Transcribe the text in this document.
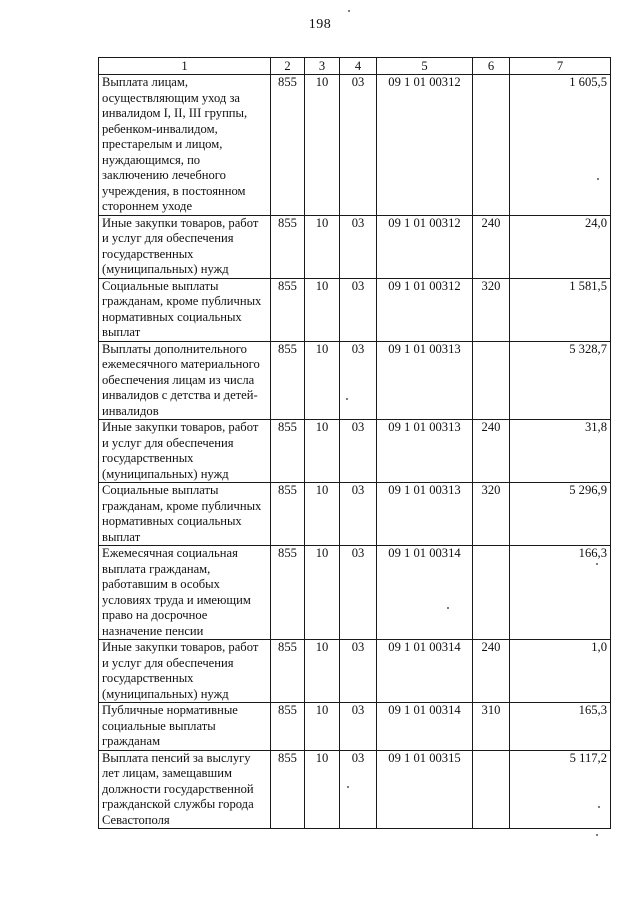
198
1	2	3	4	5	6	7
Выплата лицам, осуществляющим уход за инвалидом I, II, III группы, ребенком-инвалидом, престарелым и лицом, нуждающимся, по заключению лечебного учреждения, в постоянном стороннем уходе	855	10	03	09 1 01 00312		1 605,5
Иные закупки товаров, работ и услуг для обеспечения государственных (муниципальных) нужд	855	10	03	09 1 01 00312	240	24,0
Социальные выплаты гражданам, кроме публичных нормативных социальных выплат	855	10	03	09 1 01 00312	320	1 581,5
Выплаты дополнительного ежемесячного материального обеспечения лицам из числа инвалидов с детства и детей-инвалидов	855	10	03	09 1 01 00313		5 328,7
Иные закупки товаров, работ и услуг для обеспечения государственных (муниципальных) нужд	855	10	03	09 1 01 00313	240	31,8
Социальные выплаты гражданам, кроме публичных нормативных социальных выплат	855	10	03	09 1 01 00313	320	5 296,9
Ежемесячная социальная выплата гражданам, работавшим в особых условиях труда и имеющим право на досрочное назначение пенсии	855	10	03	09 1 01 00314		166,3
Иные закупки товаров, работ и услуг для обеспечения государственных (муниципальных) нужд	855	10	03	09 1 01 00314	240	1,0
Публичные нормативные социальные выплаты гражданам	855	10	03	09 1 01 00314	310	165,3
Выплата пенсий за выслугу лет лицам, замещавшим должности государственной гражданской службы города Севастополя	855	10	03	09 1 01 00315		5 117,2
